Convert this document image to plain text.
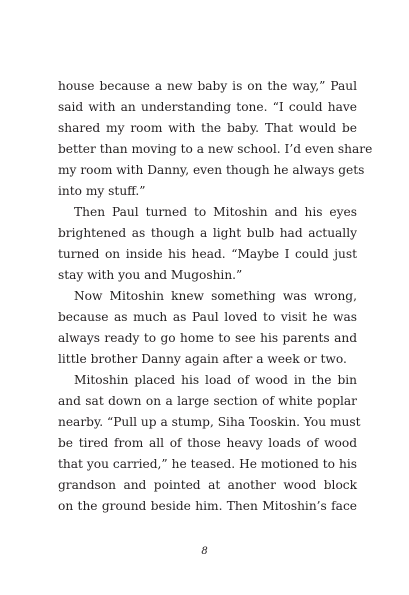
house because a new baby is on the way,” Paul
said with an understanding tone. “I could have
shared my room with the baby. That would be
better than moving to a new school. I’d even share
my room with Danny, even though he always gets
into my stuff.”

Then Paul turned to Mitoshin and his eyes
brightened as though a light bulb had actually
turned on inside his head. “Maybe I could just
stay with you and Mugoshin.”

Now Mitoshin knew something was wrong,
because as much as Paul loved to visit he was
always ready to go home to see his parents and
little brother Danny again after a week or two.

Mitoshin placed his load of wood in the bin
and sat down on a large section of white poplar
nearby. “Pull up a stump, Siha Tooskin. You must
be tired from all of those heavy loads of wood
that you carried,” he teased. He motioned to his
grandson and pointed at another wood block
on the ground beside him. Then Mitoshin’s face

8
